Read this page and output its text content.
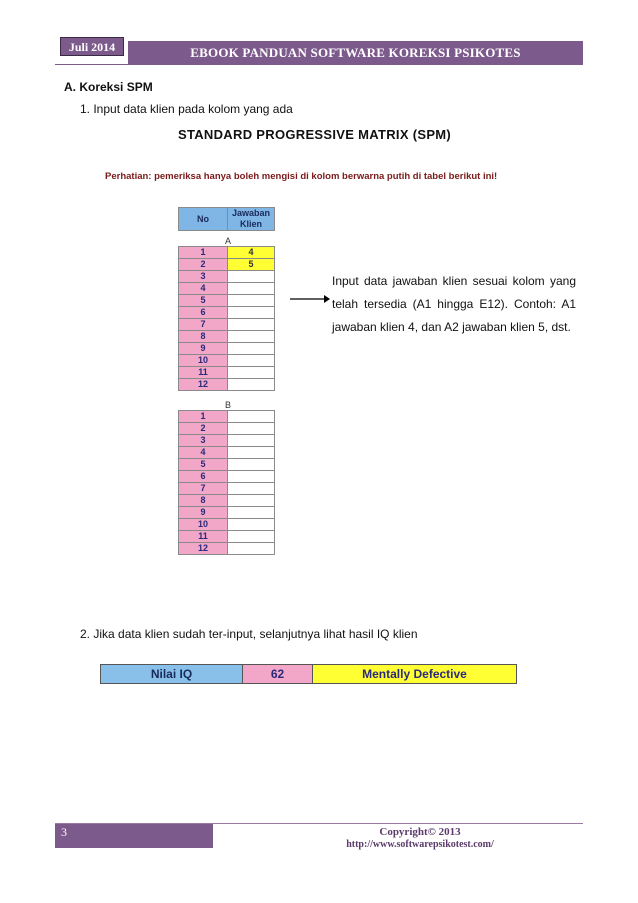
Juli 2014	EBOOK PANDUAN SOFTWARE KOREKSI PSIKOTES
A. Koreksi SPM
1. Input data klien pada kolom yang ada
STANDARD PROGRESSIVE MATRIX (SPM)
Perhatian: pemeriksa hanya boleh mengisi di kolom berwarna putih di tabel berikut ini!
No	Jawaban
Klien
A
1	4
2	5
3	
4	
5	
6	
7	
8	
9	
10	
11	
12	
B
1	
2	
3	
4	
5	
6	
7	
8	
9	
10	
11	
12	
Input data jawaban klien sesuai kolom yang telah tersedia (A1 hingga E12). Contoh: A1 jawaban klien 4, dan A2 jawaban klien 5, dst.
2. Jika data klien sudah ter-input, selanjutnya lihat hasil IQ klien
Nilai IQ	62	Mentally Defective
3	Copyright© 2013
http://www.softwarepsikotest.com/
